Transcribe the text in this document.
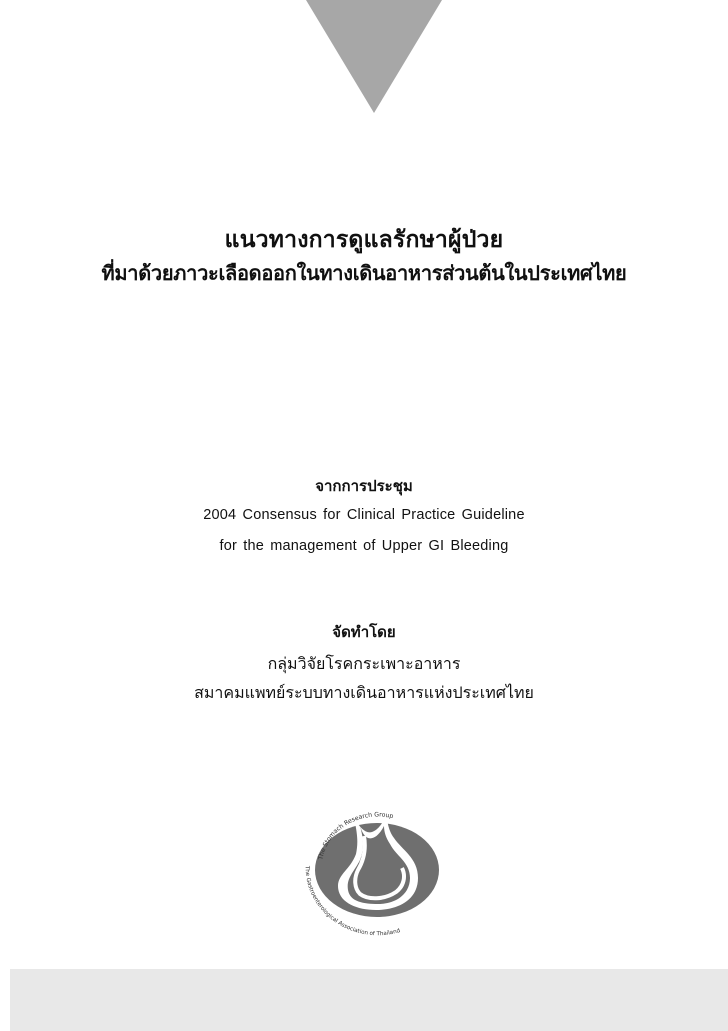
แนวทางการดูแลรักษาผู้ป่วย
ที่มาด้วยภาวะเลือดออกในทางเดินอาหารส่วนต้นในประเทศไทย
จากการประชุม
2004 Consensus for Clinical Practice Guideline
for the management of Upper GI Bleeding
จัดทำโดย
กลุ่มวิจัยโรคกระเพาะอาหาร
สมาคมแพทย์ระบบทางเดินอาหารแห่งประเทศไทย
The Stomach Research Group
The Gastroenterological Association of Thailand
